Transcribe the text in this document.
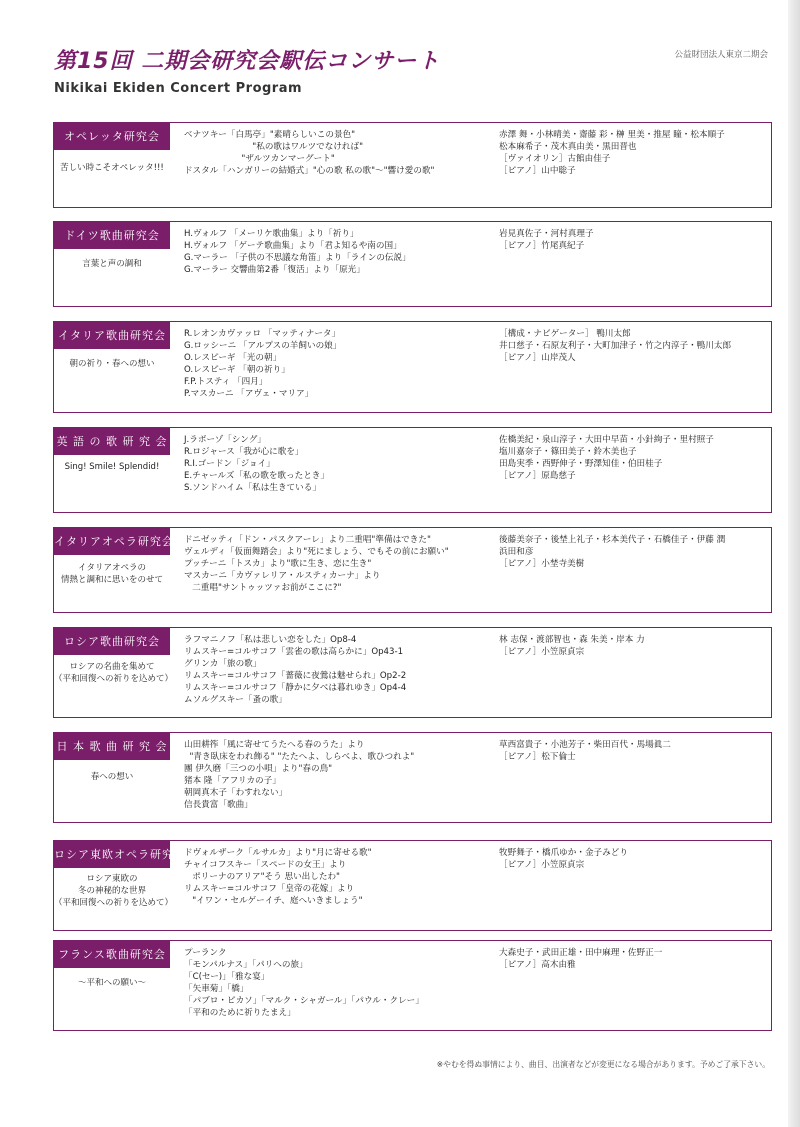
第15回 二期会研究会駅伝コンサート
Nikikai Ekiden Concert Program
公益財団法人東京二期会
オペレッタ研究会
苦しい時こそオペレッタ!!!
ベナツキー「白馬亭」"素晴らしいこの景色"
"私の歌はワルツでなければ"
"ザルツカンマーグート"
ドスタル「ハンガリーの結婚式」"心の歌 私の歌"～"響け愛の歌"
赤澤 舞・小林晴美・齋藤 彩・榊 里美・推屋 瞳・松本順子
松本麻希子・茂木真由美・黒田晋也
［ヴァイオリン］古館由佳子
［ピアノ］山中聡子
ドイツ歌曲研究会
言葉と声の調和
H.ヴォルフ 「メーリケ歌曲集」より「祈り」
H.ヴォルフ 「ゲーテ歌曲集」より「君よ知るや南の国」
G.マーラー 「子供の不思議な角笛」より「ラインの伝説」
G.マーラー 交響曲第2番「復活」より「原光」
岩見真佐子・河村真理子
［ピアノ］竹尾真紀子
イタリア歌曲研究会
朝の祈り・春への想い
R.レオンカヴァッロ 「マッティナータ」
G.ロッシーニ 「アルプスの羊飼いの娘」
O.レスピーギ 「光の朝」
O.レスピーギ 「朝の祈り」
F.P.トスティ 「四月」
P.マスカーニ 「アヴェ・マリア」
［構成・ナビゲーター］ 鴨川太郎
井口慈子・石原友利子・大町加津子・竹之内淳子・鴨川太郎
［ピアノ］山岸茂人
英 語 の 歌 研 究 会
Sing! Smile! Splendid!
J.ラボーゾ「シング」
R.ロジャース「我が心に歌を」
R.I.ゴードン「ジョイ」
E.チャールズ「私の歌を歌ったとき」
S.ソンドハイム「私は生きている」
佐橋美紀・泉山淳子・大田中早苗・小針絢子・里村照子
塩川嘉奈子・篠田美子・鈴木美也子
田島実季・西野伸子・野澤知佳・伯田桂子
［ピアノ］原島慈子
イタリアオペラ研究会
イタリアオペラの
情熱と調和に思いをのせて
ドニゼッティ「ドン・パスクアーレ」より二重唱"準備はできた"
ヴェルディ「仮面舞踏会」より"死にましょう、でもその前にお願い"
プッチーニ「トスカ」より"歌に生き、恋に生き"
マスカーニ「カヴァレリア・ルスティカーナ」より
二重唱"サントゥッツァお前がここに?"
後藤美奈子・後埜上礼子・杉本美代子・石橋佳子・伊藤 潤
浜田和彦
［ピアノ］小埜寺美樹
ロシア歌曲研究会
ロシアの名曲を集めて
（平和回復への祈りを込めて）
ラフマニノフ「私は悲しい恋をした」Op8-4
リムスキー=コルサコフ「雲雀の歌は高らかに」Op43-1
グリンカ「旅の歌」
リムスキー=コルサコフ「薔薇に夜鶯は魅せられ」Op2-2
リムスキー=コルサコフ「静かに夕べは暮れゆき」Op4-4
ムソルグスキー「蚤の歌」
林 志保・渡部智也・森 朱美・岸本 力
［ピアノ］小笠原貞宗
日 本 歌 曲 研 究 会
春への想い
山田耕筰「風に寄せてうたへる春のうた」より
"青き臥床をわれ飾る" "たたへよ、しらべよ、歌ひつれよ"
團 伊久磨「三つの小唄」より"春の鳥"
猪本 隆「アフリカの子」
朝岡真木子「わすれない」
信長貴富「歌曲」
草西富貴子・小池芳子・柴田百代・馬場眞二
［ピアノ］松下倫士
ロシア東欧オペラ研究会
ロシア東欧の
冬の神秘的な世界
（平和回復への祈りを込めて）
ドヴォルザーク「ルサルカ」より"月に寄せる歌"
チャイコフスキー「スペードの女王」より
ポリーナのアリア"そう 思い出したわ"
リムスキー=コルサコフ「皇帝の花嫁」より
"イワン・セルゲーイチ、庭へいきましょう"
牧野舞子・橋爪ゆか・金子みどり
［ピアノ］小笠原貞宗
フランス歌曲研究会
～平和への願い～
プーランク
「モンパルナス」「パリへの旅」
「C(セー)」「雅な宴」
「矢車菊」「橋」
「パブロ・ピカソ」「マルク・シャガール」「パウル・クレー」
「平和のために祈りたまえ」
大森史子・武田正雄・田中麻理・佐野正一
［ピアノ］高木由雅
※やむを得ぬ事情により、曲目、出演者などが変更になる場合があります。予めご了承下さい。
